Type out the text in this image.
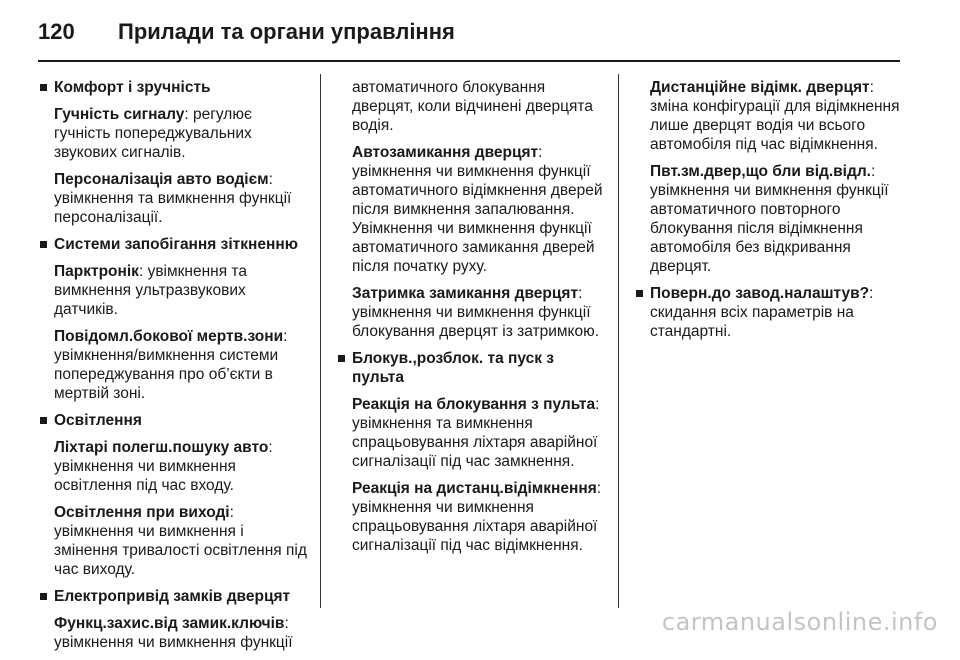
120	Прилади та органи управління
Комфорт і зручність
Гучність сигналу: регулює гучність попереджувальних звукових сигналів.
Персоналізація авто водієм: увімкнення та вимкнення функції персоналізації.
Системи запобігання зіткненню
Парктронік: увімкнення та вимкнення ультразвукових датчиків.
Повідомл.бокової мертв.зони: увімкнення/вимкнення системи попереджування про об’єкти в мертвій зоні.
Освітлення
Ліхтарі полегш.пошуку авто: увімкнення чи вимкнення освітлення під час входу.
Освітлення при виході: увімкнення чи вимкнення і змінення тривалості освітлення під час виходу.
Електропривід замків дверцят
Функц.захис.від замик.ключів: увімкнення чи вимкнення функції
автоматичного блокування дверцят, коли відчинені дверцята водія.
Автозамикання дверцят: увімкнення чи вимкнення функції автоматичного відімкнення дверей після вимкнення запалювання. Увімкнення чи вимкнення функції автоматичного замикання дверей після початку руху.
Затримка замикання дверцят: увімкнення чи вимкнення функції блокування дверцят із затримкою.
Блокув.,розблок. та пуск з пульта
Реакція на блокування з пульта: увімкнення та вимкнення спрацьовування ліхтаря аварійної сигналізації під час замкнення.
Реакція на дистанц.відімкнення: увімкнення чи вимкнення спрацьовування ліхтаря аварійної сигналізації під час відімкнення.
Дистанційне відімк. дверцят: зміна конфігурації для відімкнення лише дверцят водія чи всього автомобіля під час відімкнення.
Пвт.зм.двер,що бли від.відл.: увімкнення чи вимкнення функції автоматичного повторного блокування після відімкнення автомобіля без відкривання дверцят.
Поверн.до завод.налаштув?: скидання всіх параметрів на стандартні.
carmanualsonline.info
